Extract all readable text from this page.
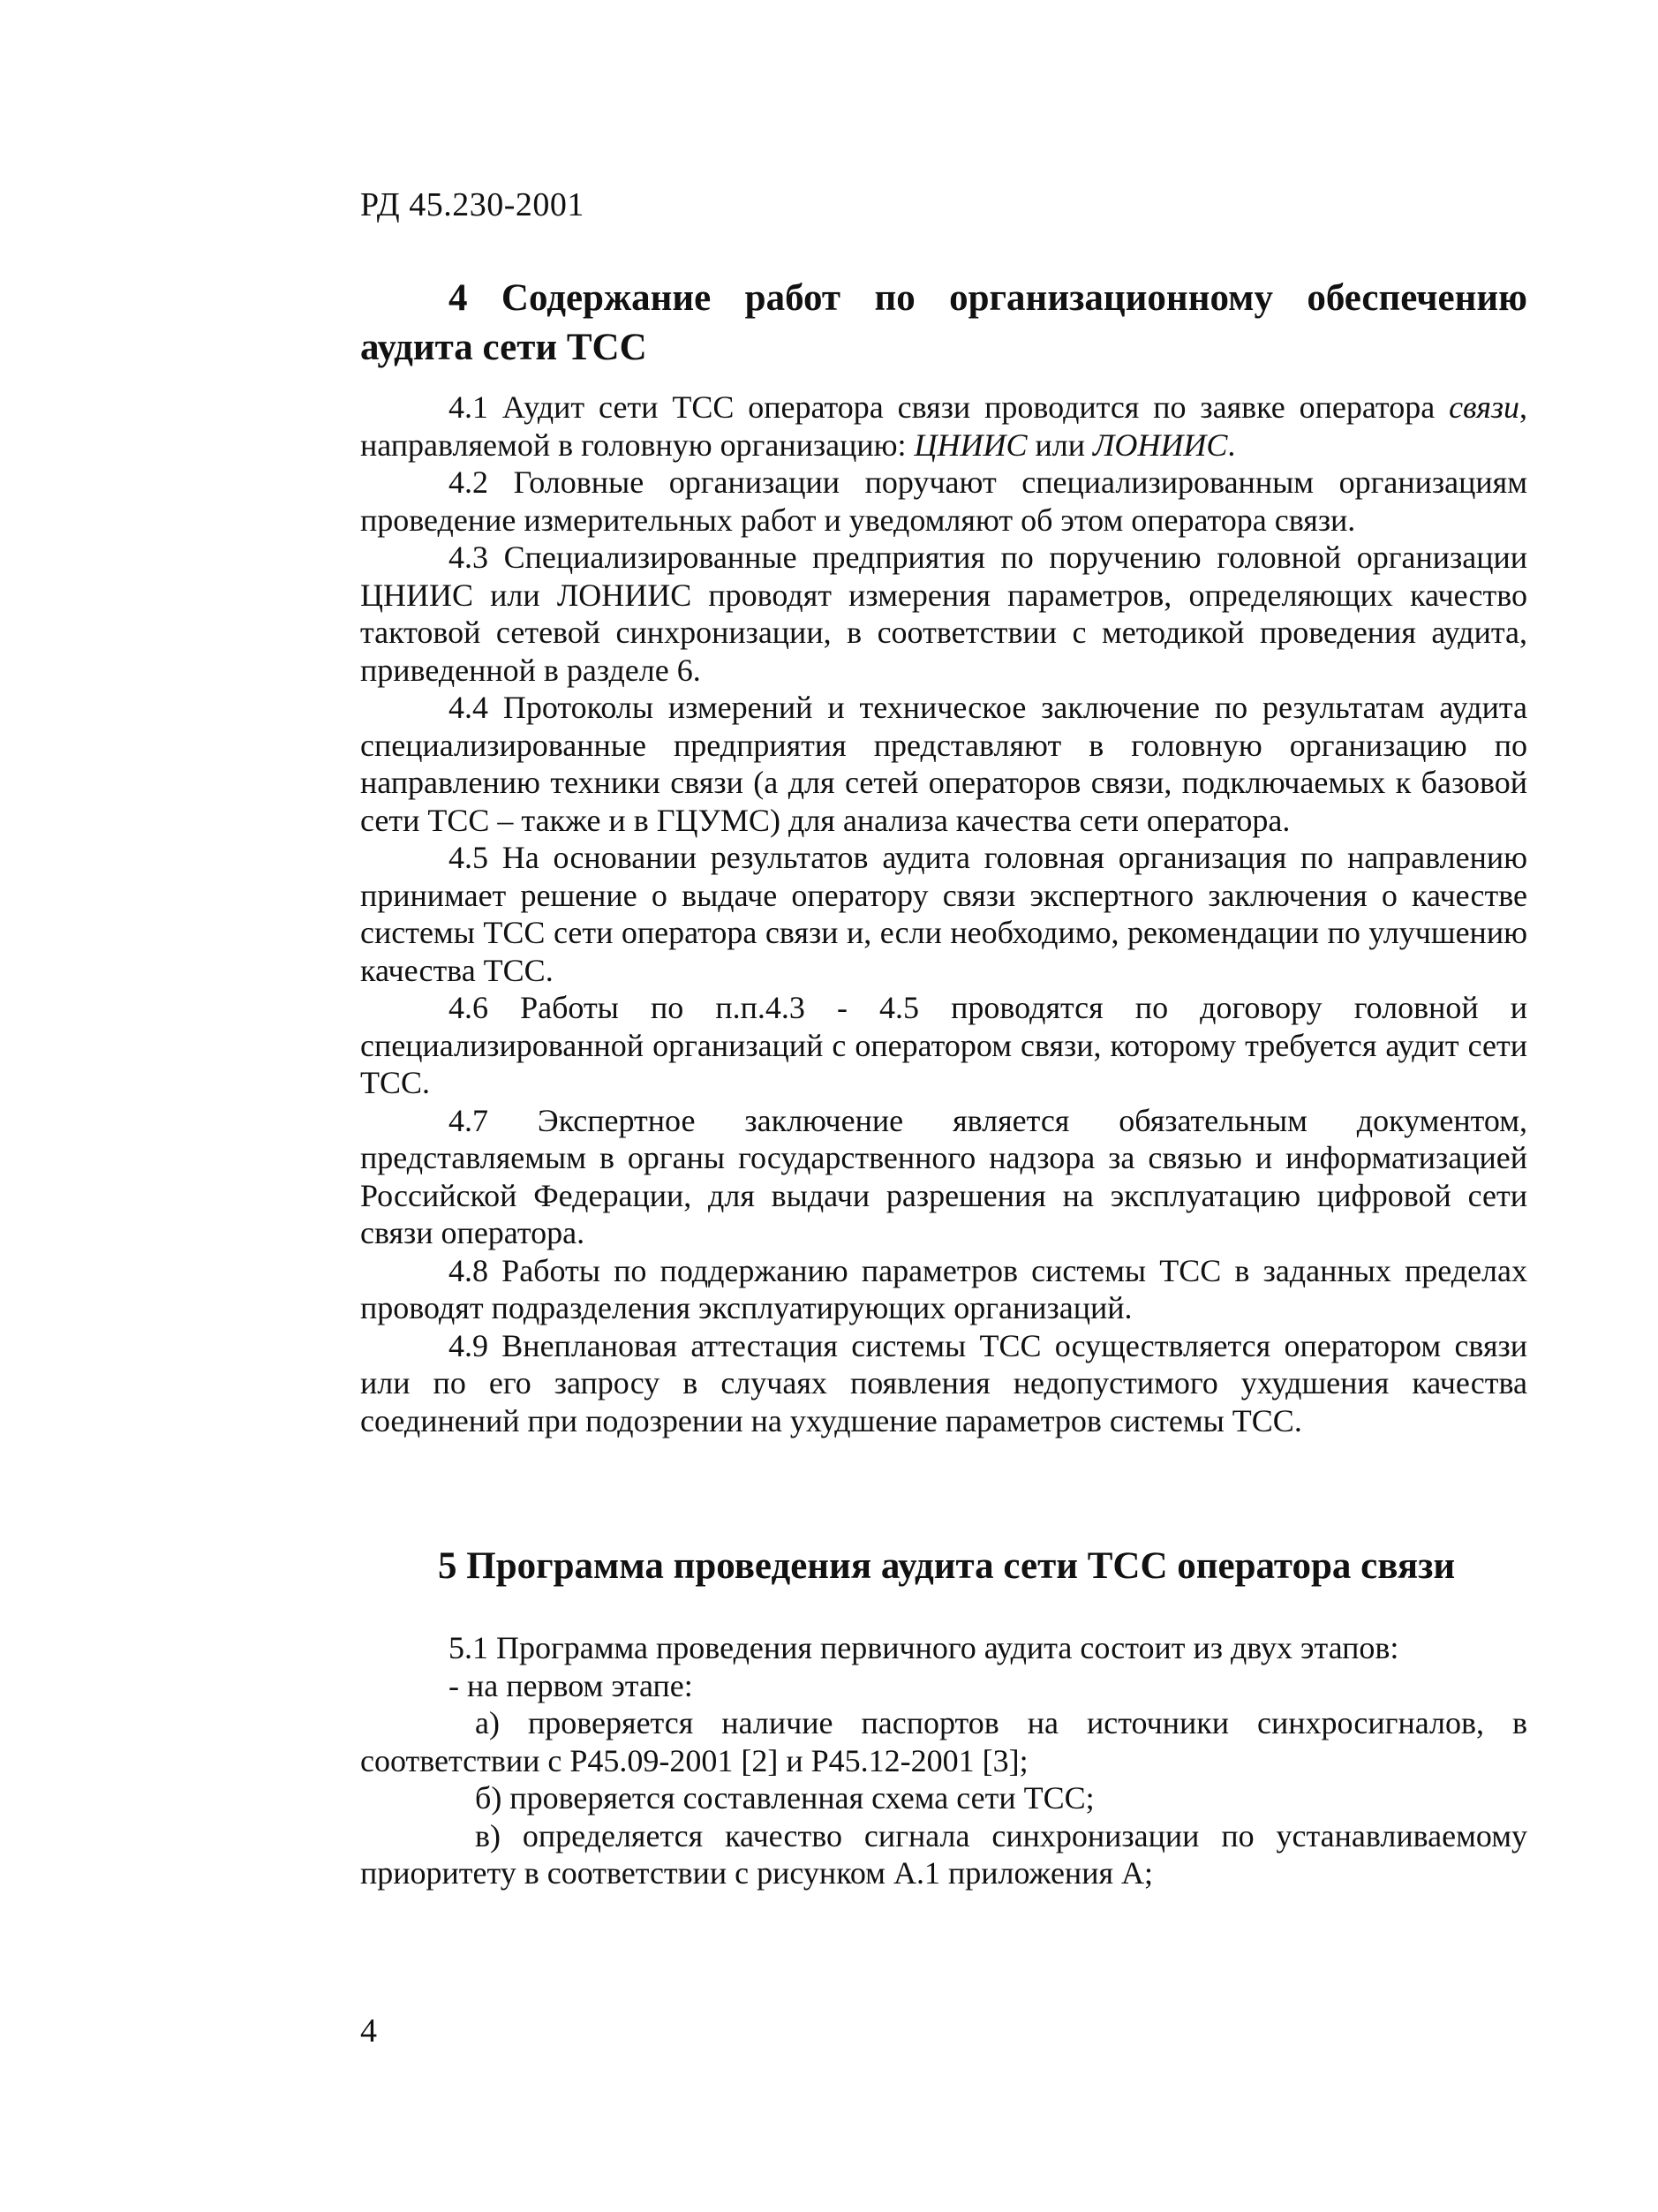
РД 45.230-2001
4 Содержание работ по организационному обеспечению
аудита сети ТСС

4.1 Аудит сети ТСС оператора связи проводится по заявке оператора связи, направляемой в головную организацию: ЦНИИС или ЛОНИИС.

4.2 Головные организации поручают специализированным организациям проведение измерительных работ и уведомляют об этом оператора связи.

4.3 Специализированные предприятия по поручению головной организации ЦНИИС или ЛОНИИС проводят измерения параметров, определяющих качество тактовой сетевой синхронизации, в соответствии с методикой проведения аудита, приведенной в разделе 6.

4.4 Протоколы измерений и техническое заключение по результатам аудита специализированные предприятия представляют в головную организацию по направлению техники связи (а для сетей операторов связи, подключаемых к базовой сети ТСС – также и в ГЦУМС) для анализа качества сети оператора.

4.5 На основании результатов аудита головная организация по направлению принимает решение о выдаче оператору связи экспертного заключения о качестве системы ТСС сети оператора связи и, если необходимо, рекомендации по улучшению качества ТСС.

4.6 Работы по п.п.4.3 - 4.5 проводятся по договору головной и специализированной организаций с оператором связи, которому требуется аудит сети ТСС.

4.7 Экспертное заключение является обязательным документом, представляемым в органы государственного надзора за связью и информатизацией Российской Федерации, для выдачи разрешения на эксплуатацию цифровой сети связи оператора.

4.8 Работы по поддержанию параметров системы ТСС в заданных пределах проводят подразделения эксплуатирующих организаций.

4.9 Внеплановая аттестация системы ТСС осуществляется оператором связи или по его запросу в случаях появления недопустимого ухудшения качества соединений при подозрении на ухудшение параметров системы ТСС.

5 Программа проведения аудита сети ТСС оператора связи

5.1 Программа проведения первичного аудита состоит из двух этапов:

- на первом этапе:

а) проверяется наличие паспортов на источники синхросигналов, в соответствии с Р45.09-2001 [2] и Р45.12-2001 [3];

б) проверяется составленная схема сети ТСС;

в) определяется качество сигнала синхронизации по устанавливаемому приоритету в соответствии с рисунком А.1 приложения А;

4
